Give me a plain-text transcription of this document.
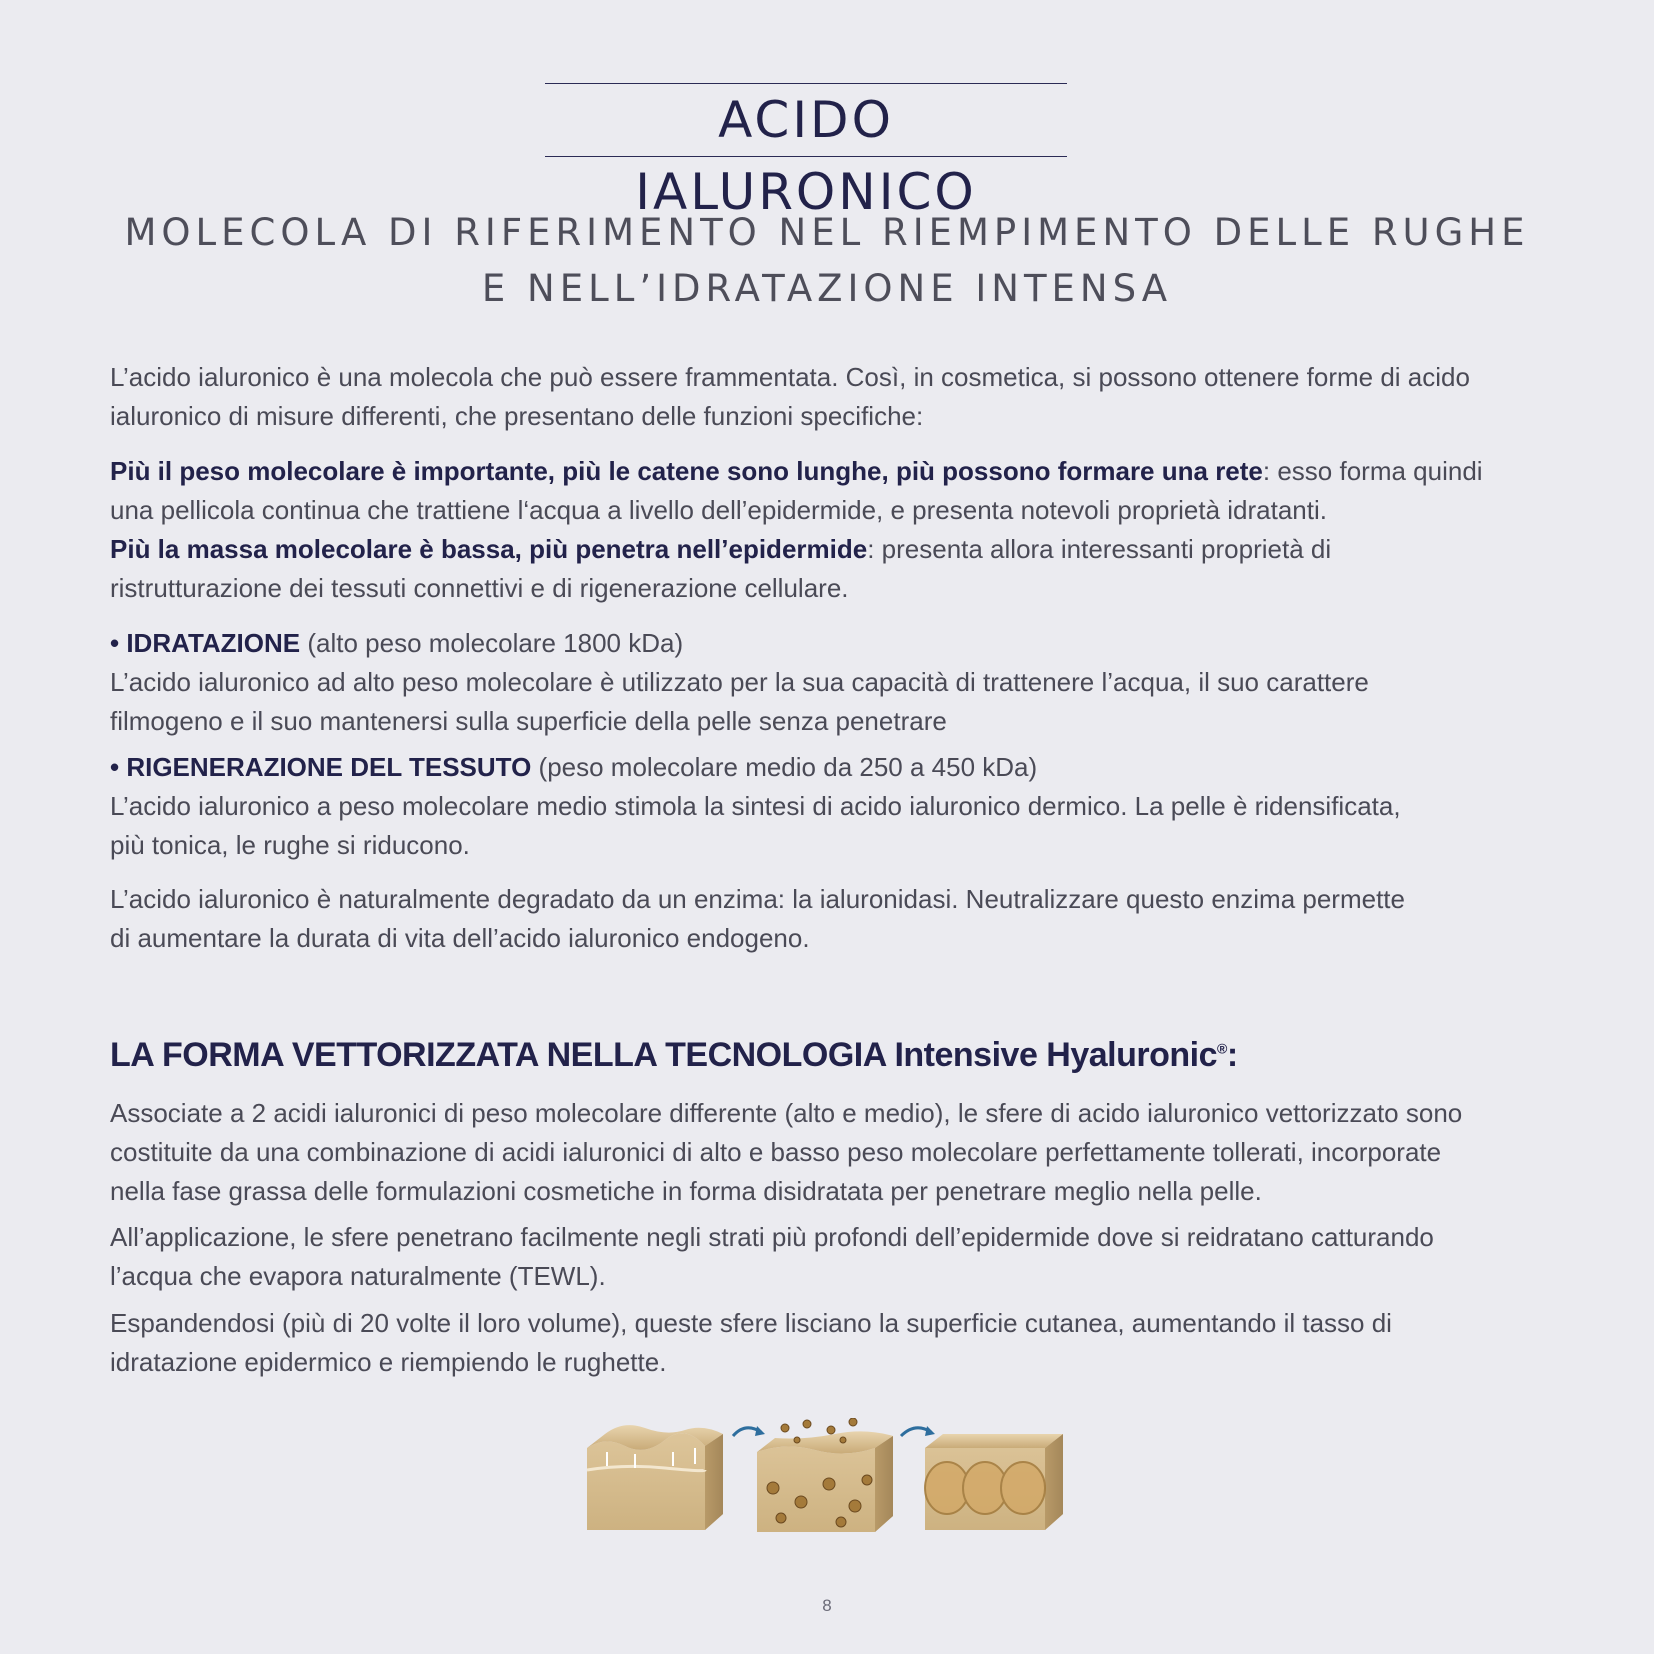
ACIDO IALURONICO
MOLECOLA DI RIFERIMENTO NEL RIEMPIMENTO DELLE RUGHE
E NELL’IDRATAZIONE INTENSA

L’acido ialuronico è una molecola che può essere frammentata. Così, in cosmetica, si possono ottenere forme di acido
ialuronico di misure differenti, che presentano delle funzioni specifiche:

Più il peso molecolare è importante, più le catene sono lunghe, più possono formare una rete: esso forma quindi
una pellicola continua che trattiene l‘acqua a livello dell’epidermide, e presenta notevoli proprietà idratanti.
Più la massa molecolare è bassa, più penetra nell’epidermide: presenta allora interessanti proprietà di
ristrutturazione dei tessuti connettivi e di rigenerazione cellulare.

• IDRATAZIONE (alto peso molecolare 1800 kDa)
L’acido ialuronico ad alto peso molecolare è utilizzato per la sua capacità di trattenere l’acqua, il suo carattere
filmogeno e il suo mantenersi sulla superficie della pelle senza penetrare

• RIGENERAZIONE DEL TESSUTO (peso molecolare medio da 250 a 450 kDa)
L’acido ialuronico a peso molecolare medio stimola la sintesi di acido ialuronico dermico. La pelle è ridensificata,
più tonica, le rughe si riducono.

L’acido ialuronico è naturalmente degradato da un enzima: la ialuronidasi. Neutralizzare questo enzima permette
di aumentare la durata di vita dell’acido ialuronico endogeno.

LA FORMA VETTORIZZATA NELLA TECNOLOGIA Intensive Hyaluronic®:

Associate a 2 acidi ialuronici di peso molecolare differente (alto e medio), le sfere di acido ialuronico vettorizzato sono
costituite da una combinazione di acidi ialuronici di alto e basso peso molecolare perfettamente tollerati, incorporate
nella fase grassa delle formulazioni cosmetiche in forma disidratata per penetrare meglio nella pelle.

All’applicazione, le sfere penetrano facilmente negli strati più profondi dell’epidermide dove si reidratano catturando
l’acqua che evapora naturalmente (TEWL).

Espandendosi (più di 20 volte il loro volume), queste sfere lisciano la superficie cutanea, aumentando il tasso di
idratazione epidermico e riempiendo le rughette.

8
